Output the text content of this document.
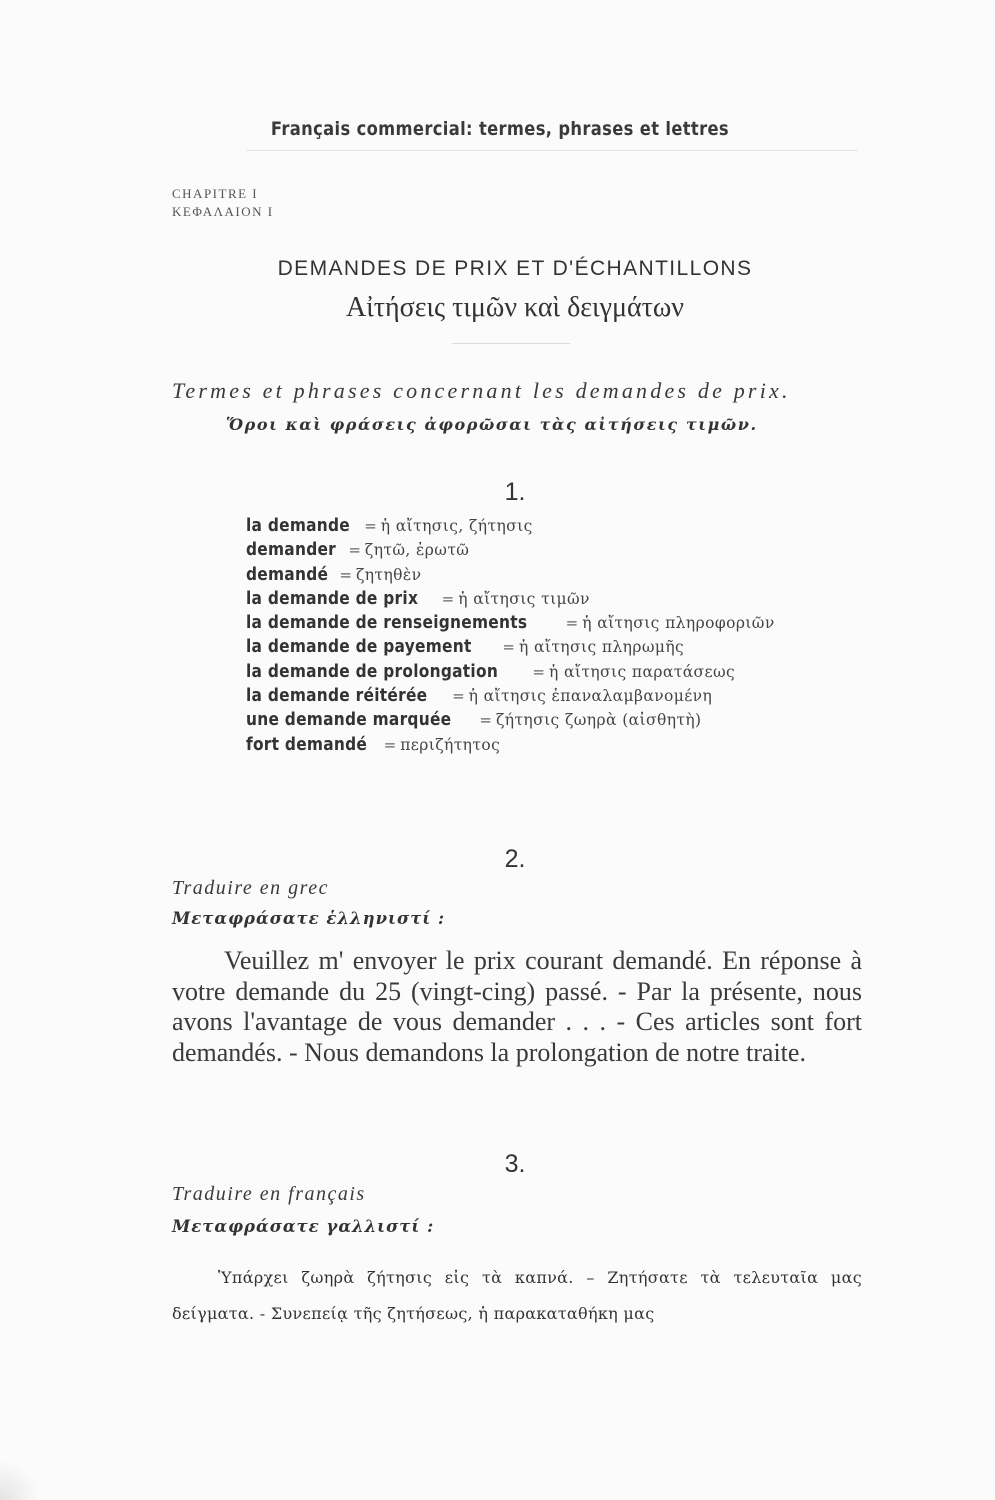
Français commercial: termes, phrases et lettres
CHAPITRE I
ΚΕΦΑΛΑΙΟΝ I
DEMANDES DE PRIX ET D'ÉCHANTILLONS
Αἰτήσεις τιμῶν καὶ δειγμάτων
Termes et phrases concernant les demandes de prix.
Ὅροι καὶ φράσεις ἀφορῶσαι τὰς αἰτήσεις τιμῶν.
1.
la demande = ἡ αἴτησις, ζήτησις
demander = ζητῶ, ἐρωτῶ
demandé = ζητηθὲν
la demande de prix = ἡ αἴτησις τιμῶν
la demande de renseignements	= ἡ αἴτησις πληροφοριῶν
la demande de payement = ἡ αἴτησις πληρωμῆς
la demande de prolongation = ἡ αἴτησις παρατάσεως
la demande réitérée = ἡ αἴτησις ἐπαναλαμβανομένη
une demande marquée = ζήτησις ζωηρὰ (αἰσθητὴ)
fort demandé = περιζήτητος
2.
Traduire en grec
Μεταφράσατε ἑλληνιστί :

Veuillez m' envoyer le prix courant demandé. En réponse à votre demande du 25 (vingt-cing) passé. - Par la présente, nous avons l'avantage de vous demander . . . - Ces articles sont fort demandés. - Nous demandons la prolongation de notre traite.

3.
Traduire en français
Μεταφράσατε γαλλιστί :

Ὑπάρχει ζωηρὰ ζήτησις εἰς τὰ καπνά. – Ζητήσατε τὰ τελευταῖα μας δείγματα. - Συνεπείᾳ τῆς ζητήσεως, ἡ παρακαταθήκη μας
